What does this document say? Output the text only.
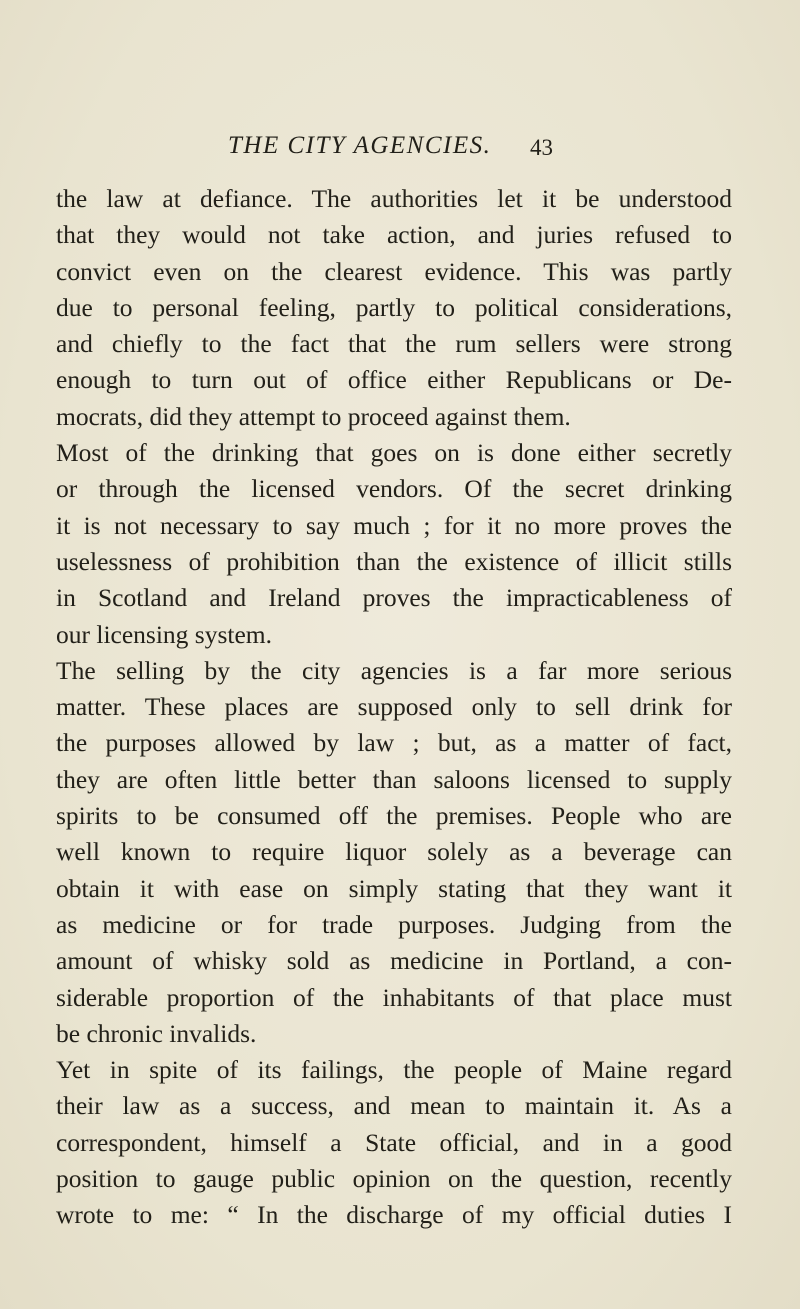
THE CITY AGENCIES. 43
the law at defiance. The authorities let it be understood
that they would not take action, and juries refused to
convict even on the clearest evidence. This was partly
due to personal feeling, partly to political considerations,
and chiefly to the fact that the rum sellers were strong
enough to turn out of office either Republicans or De-
mocrats, did they attempt to proceed against them.
Most of the drinking that goes on is done either secretly
or through the licensed vendors. Of the secret drinking
it is not necessary to say much ; for it no more proves the
uselessness of prohibition than the existence of illicit stills
in Scotland and Ireland proves the impracticableness of
our licensing system.
The selling by the city agencies is a far more serious
matter. These places are supposed only to sell drink for
the purposes allowed by law ; but, as a matter of fact,
they are often little better than saloons licensed to supply
spirits to be consumed off the premises. People who are
well known to require liquor solely as a beverage can
obtain it with ease on simply stating that they want it
as medicine or for trade purposes. Judging from the
amount of whisky sold as medicine in Portland, a con-
siderable proportion of the inhabitants of that place must
be chronic invalids.
Yet in spite of its failings, the people of Maine regard
their law as a success, and mean to maintain it. As a
correspondent, himself a State official, and in a good
position to gauge public opinion on the question, recently
wrote to me: “ In the discharge of my official duties I
